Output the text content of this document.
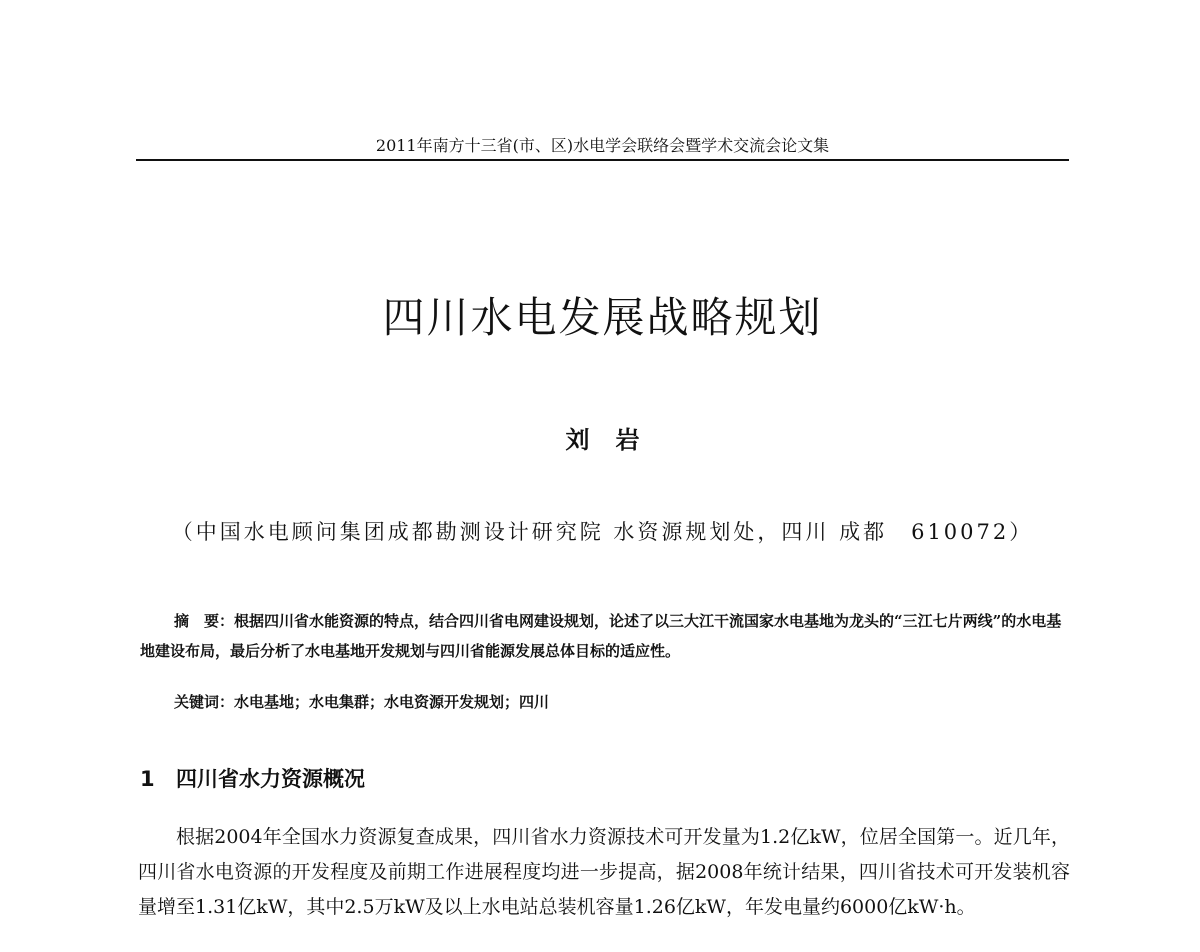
2011年南方十三省(市、区)水电学会联络会暨学术交流会论文集
四川水电发展战略规划
刘岩
（中国水电顾问集团成都勘测设计研究院 水资源规划处，四川 成都　610072）

摘　要：根据四川省水能资源的特点，结合四川省电网建设规划，论述了以三大江干流国家水电基地为龙头的“三江七片两线”的水电基地建设布局，最后分析了水电基地开发规划与四川省能源发展总体目标的适应性。

关键词：水电基地；水电集群；水电资源开发规划；四川
1 四川省水力资源概况

根据2004年全国水力资源复查成果，四川省水力资源技术可开发量为1.2亿kW，位居全国第一。近几年，四川省水电资源的开发程度及前期工作进展程度均进一步提高，据2008年统计结果，四川省技术可开发装机容量增至1.31亿kW，其中2.5万kW及以上水电站总装机容量1.26亿kW，年发电量约6000亿kW·h。
